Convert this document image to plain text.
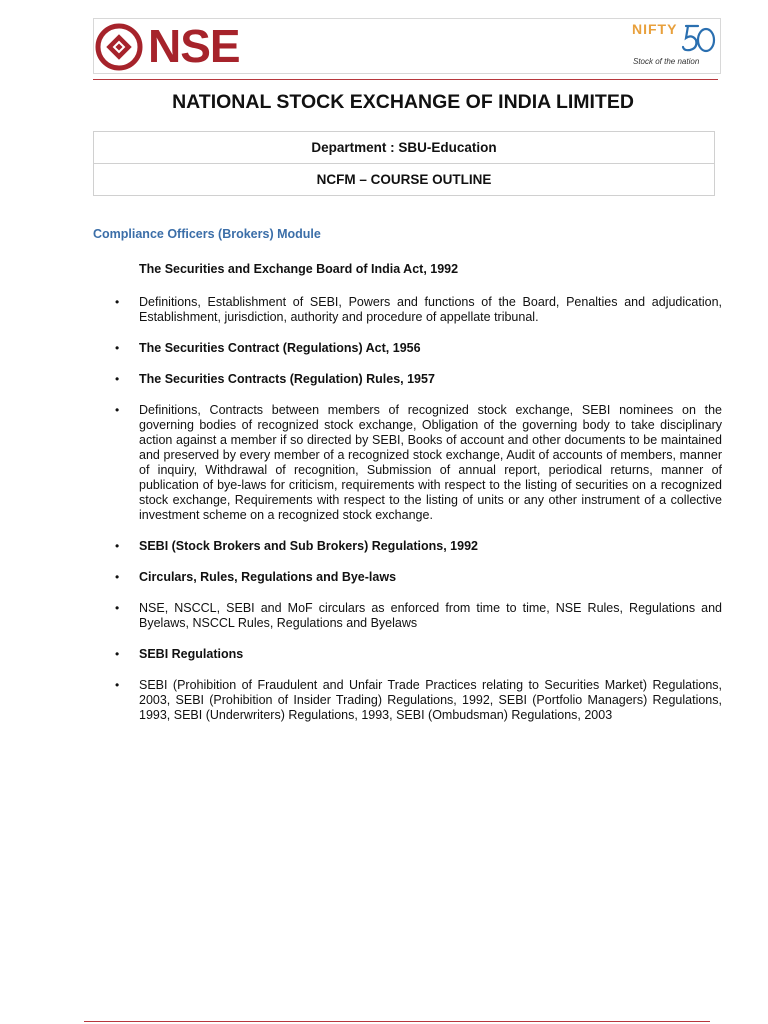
NSE	NIFTY
Stock of the nation
NATIONAL STOCK EXCHANGE OF INDIA LIMITED
Department : SBU-Education
NCFM – COURSE OUTLINE
Compliance Officers (Brokers) Module
The Securities and Exchange Board of India Act, 1992
• Definitions, Establishment of SEBI, Powers and functions of the Board, Penalties and adjudication, Establishment, jurisdiction, authority and procedure of appellate tribunal.
• The Securities Contract (Regulations) Act, 1956
• The Securities Contracts (Regulation) Rules, 1957
• Definitions, Contracts between members of recognized stock exchange, SEBI nominees on the governing bodies of recognized stock exchange, Obligation of the governing body to take disciplinary action against a member if so directed by SEBI, Books of account and other documents to be maintained and preserved by every member of a recognized stock exchange, Audit of accounts of members, manner of inquiry, Withdrawal of recognition, Submission of annual report, periodical returns, manner of publication of bye-laws for criticism, requirements with respect to the listing of securities on a recognized stock exchange, Requirements with respect to the listing of units or any other instrument of a collective investment scheme on a recognized stock exchange.
• SEBI (Stock Brokers and Sub Brokers) Regulations, 1992
• Circulars, Rules, Regulations and Bye-laws
• NSE, NSCCL, SEBI and MoF circulars as enforced from time to time, NSE Rules, Regulations and Byelaws, NSCCL Rules, Regulations and Byelaws
• SEBI Regulations
• SEBI (Prohibition of Fraudulent and Unfair Trade Practices relating to Securities Market) Regulations, 2003, SEBI (Prohibition of Insider Trading) Regulations, 1992, SEBI (Portfolio Managers) Regulations, 1993, SEBI (Underwriters) Regulations, 1993, SEBI (Ombudsman) Regulations, 2003
